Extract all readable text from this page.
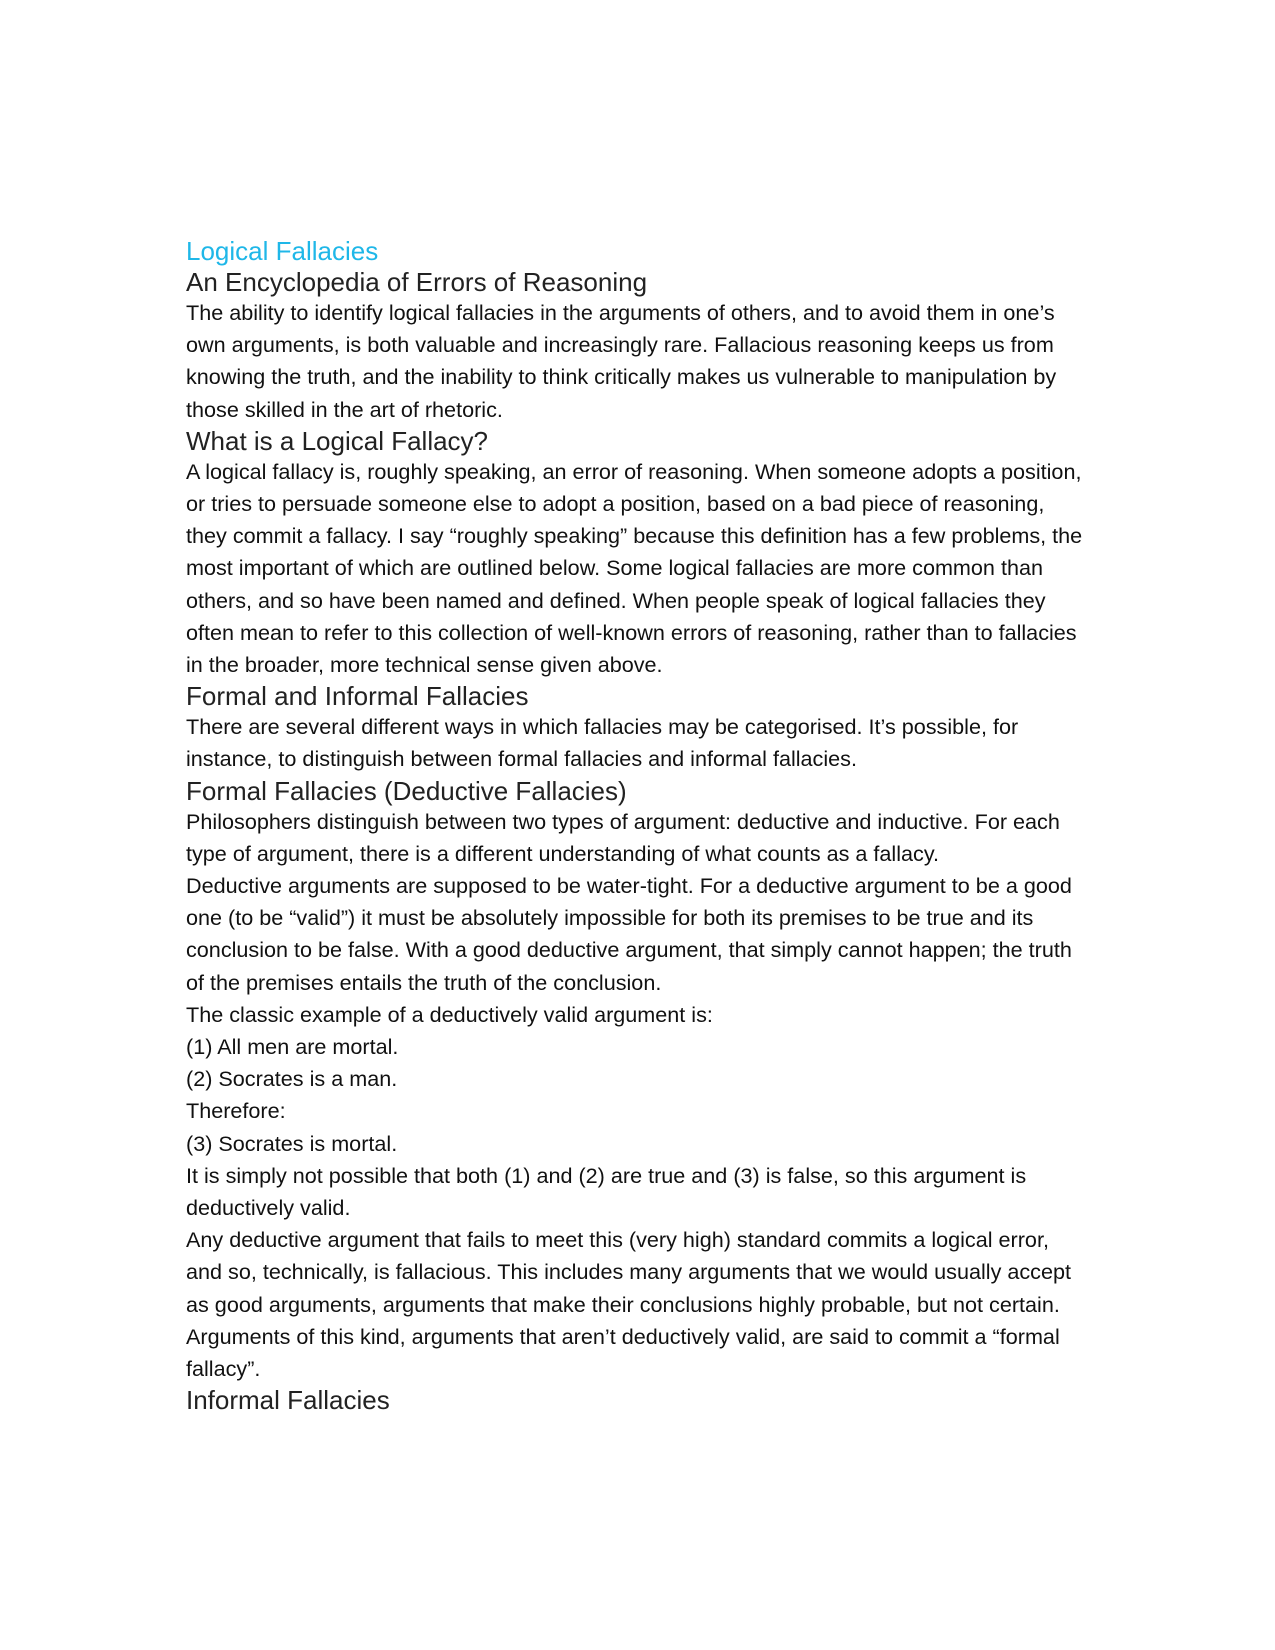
Logical Fallacies
An Encyclopedia of Errors of Reasoning

The ability to identify logical fallacies in the arguments of others, and to avoid them in one’s own arguments, is both valuable and increasingly rare. Fallacious reasoning keeps us from knowing the truth, and the inability to think critically makes us vulnerable to manipulation by those skilled in the art of rhetoric.

What is a Logical Fallacy?

A logical fallacy is, roughly speaking, an error of reasoning. When someone adopts a position, or tries to persuade someone else to adopt a position, based on a bad piece of reasoning, they commit a fallacy. I say “roughly speaking” because this definition has a few problems, the most important of which are outlined below. Some logical fallacies are more common than others, and so have been named and defined. When people speak of logical fallacies they often mean to refer to this collection of well-known errors of reasoning, rather than to fallacies in the broader, more technical sense given above.

Formal and Informal Fallacies

There are several different ways in which fallacies may be categorised. It’s possible, for instance, to distinguish between formal fallacies and informal fallacies.

Formal Fallacies (Deductive Fallacies)

Philosophers distinguish between two types of argument: deductive and inductive. For each type of argument, there is a different understanding of what counts as a fallacy.

Deductive arguments are supposed to be water-tight. For a deductive argument to be a good one (to be “valid”) it must be absolutely impossible for both its premises to be true and its conclusion to be false. With a good deductive argument, that simply cannot happen; the truth of the premises entails the truth of the conclusion.

The classic example of a deductively valid argument is:

(1) All men are mortal.

(2) Socrates is a man.

Therefore:

(3) Socrates is mortal.

It is simply not possible that both (1) and (2) are true and (3) is false, so this argument is deductively valid.

Any deductive argument that fails to meet this (very high) standard commits a logical error, and so, technically, is fallacious. This includes many arguments that we would usually accept as good arguments, arguments that make their conclusions highly probable, but not certain. Arguments of this kind, arguments that aren’t deductively valid, are said to commit a “formal fallacy”.

Informal Fallacies
